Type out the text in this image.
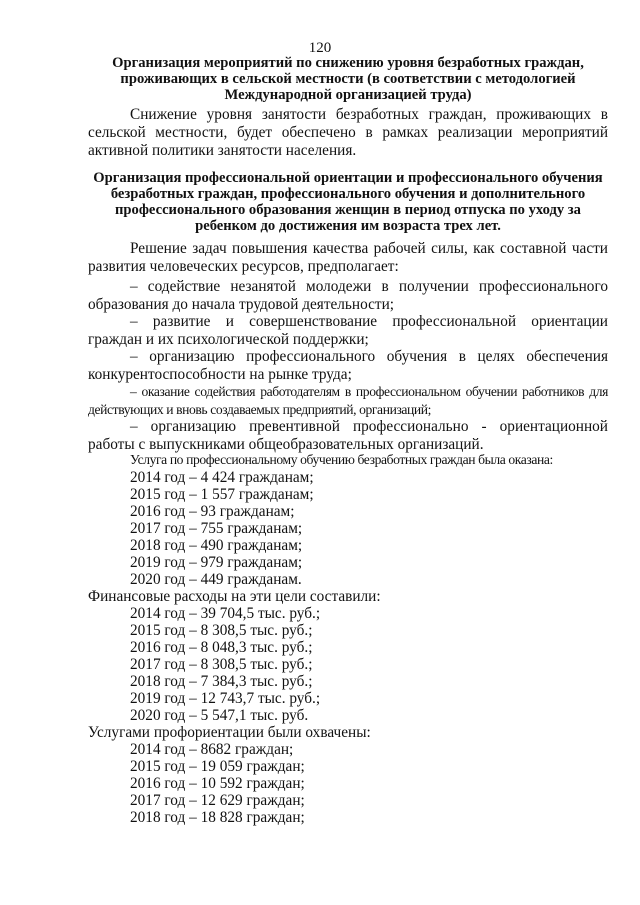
120
Организация мероприятий по снижению уровня безработных граждан, проживающих в сельской местности (в соответствии с методологией Международной организацией труда)

Снижение уровня занятости безработных граждан, проживающих в сельской местности, будет обеспечено в рамках реализации мероприятий активной политики занятости населения.

Организация профессиональной ориентации и профессионального обучения безработных граждан, профессионального обучения и дополнительного профессионального образования женщин в период отпуска по уходу за ребенком до достижения им возраста трех лет.

Решение задач повышения качества рабочей силы, как составной части развития человеческих ресурсов, предполагает:

– содействие незанятой молодежи в получении профессионального образования до начала трудовой деятельности;

– развитие и совершенствование профессиональной ориентации граждан и их психологической поддержки;

– организацию профессионального обучения в целях обеспечения конкурентоспособности на рынке труда;

– оказание содействия работодателям в профессиональном обучении работников для действующих и вновь создаваемых предприятий, организаций;

– организацию превентивной профессионально - ориентационной работы с выпускниками общеобразовательных организаций.

Услуга по профессиональному обучению безработных граждан была оказана:

2014 год – 4 424 гражданам;

2015 год – 1 557 гражданам;

2016 год – 93 гражданам;

2017 год – 755 гражданам;

2018 год – 490 гражданам;

2019 год – 979 гражданам;

2020 год – 449 гражданам.

Финансовые расходы на эти цели составили:

2014 год – 39 704,5 тыс. руб.;

2015 год – 8 308,5 тыс. руб.;

2016 год – 8 048,3 тыс. руб.;

2017 год – 8 308,5 тыс. руб.;

2018 год – 7 384,3 тыс. руб.;

2019 год – 12 743,7 тыс. руб.;

2020 год – 5 547,1 тыс. руб.

Услугами профориентации были охвачены:

2014 год – 8682 граждан;

2015 год – 19 059 граждан;

2016 год – 10 592 граждан;

2017 год – 12 629 граждан;

2018 год – 18 828 граждан;
